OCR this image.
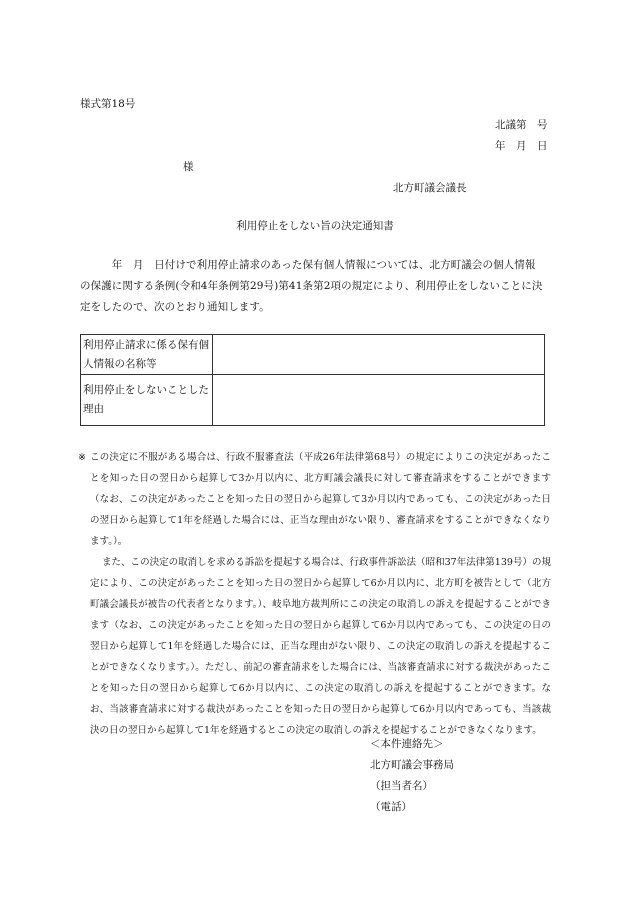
様式第18号
北議第　号
年　月　日
様
北方町議会議長
利用停止をしない旨の決定通知書
　　　年　月　日付けで利用停止請求のあった保有個人情報については、北方町議会の個人情報の保護に関する条例(令和4年条例第29号)第41条第2項の規定により、利用停止をしないことに決定をしたので、次のとおり通知します。
利用停止請求に係る保有個人情報の名称等	
利用停止をしないことした理由	
※ この決定に不服がある場合は、行政不服審査法（平成26年法律第68号）の規定によりこの決定があったことを知った日の翌日から起算して3か月以内に、北方町議会議長に対して審査請求をすることができます（なお、この決定があったことを知った日の翌日から起算して3か月以内であっても、この決定があった日の翌日から起算して1年を経過した場合には、正当な理由がない限り、審査請求をすることができなくなります。）。

また、この決定の取消しを求める訴訟を提起する場合は、行政事件訴訟法（昭和37年法律第139号）の規定により、この決定があったことを知った日の翌日から起算して6か月以内に、北方町を被告として（北方町議会議長が被告の代表者となります。）、岐阜地方裁判所にこの決定の取消しの訴えを提起することができます（なお、この決定があったことを知った日の翌日から起算して6か月以内であっても、この決定の日の翌日から起算して1年を経過した場合には、正当な理由がない限り、この決定の取消しの訴えを提起することができなくなります。）。ただし、前記の審査請求をした場合には、当該審査請求に対する裁決があったことを知った日の翌日から起算して6か月以内に、この決定の取消しの訴えを提起することができます。なお、当該審査請求に対する裁決があったことを知った日の翌日から起算して6か月以内であっても、当該裁決の日の翌日から起算して1年を経過するとこの決定の取消しの訴えを提起することができなくなります。

＜本件連絡先＞
北方町議会事務局
（担当者名）
（電話）
